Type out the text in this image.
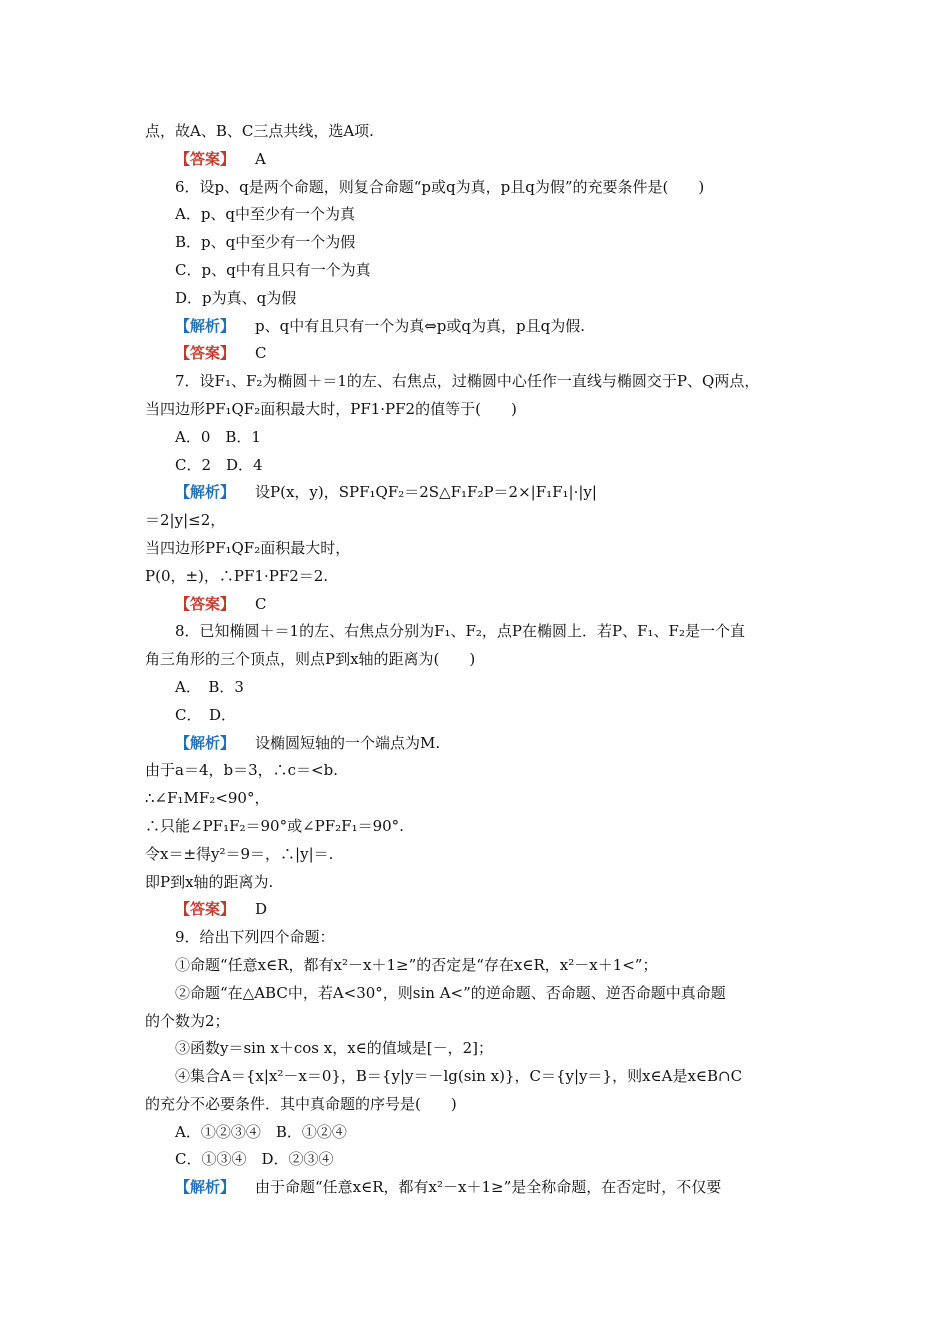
点，故A、B、C三点共线，选A项.
【答案】 A
6．设p、q是两个命题，则复合命题“p或q为真，p且q为假”的充要条件是(　　)
A．p、q中至少有一个为真
B．p、q中至少有一个为假
C．p、q中有且只有一个为真
D．p为真、q为假
【解析】 p、q中有且只有一个为真⇔p或q为真，p且q为假.
【答案】 C
7．设F₁、F₂为椭圆＋＝1的左、右焦点，过椭圆中心任作一直线与椭圆交于P、Q两点，
当四边形PF₁QF₂面积最大时，PF1·PF2的值等于(　　)
A．0　B．1
C．2　D．4
【解析】 设P(x，y)，SPF₁QF₂＝2S△F₁F₂P＝2×|F₁F₁|·|y|
＝2|y|≤2，
当四边形PF₁QF₂面积最大时，
P(0，±)，∴PF1·PF2＝2.
【答案】 C
8．已知椭圆＋＝1的左、右焦点分别为F₁、F₂，点P在椭圆上．若P、F₁、F₂是一个直
角三角形的三个顶点，则点P到x轴的距离为(　　)
A．　B．3
C．　D．
【解析】 设椭圆短轴的一个端点为M.
由于a＝4，b＝3，∴c＝<b.
∴∠F₁MF₂<90°，
∴只能∠PF₁F₂＝90°或∠PF₂F₁＝90°.
令x＝±得y²＝9＝，∴|y|＝.
即P到x轴的距离为.
【答案】 D
9．给出下列四个命题：
①命题“任意x∈R，都有x²－x＋1≥”的否定是“存在x∈R，x²－x＋1<”；
②命题“在△ABC中，若A<30°，则sin A<”的逆命题、否命题、逆否命题中真命题
的个数为2；
③函数y＝sin x＋cos x，x∈的值域是[－，2]；
④集合A＝{x|x²－x＝0}，B＝{y|y＝－lg(sin x)}，C＝{y|y＝}，则x∈A是x∈B∩C
的充分不必要条件．其中真命题的序号是(　　)
A．①②③④　B．①②④
C．①③④　D．②③④
【解析】 由于命题“任意x∈R，都有x²－x＋1≥”是全称命题，在否定时，不仅要
